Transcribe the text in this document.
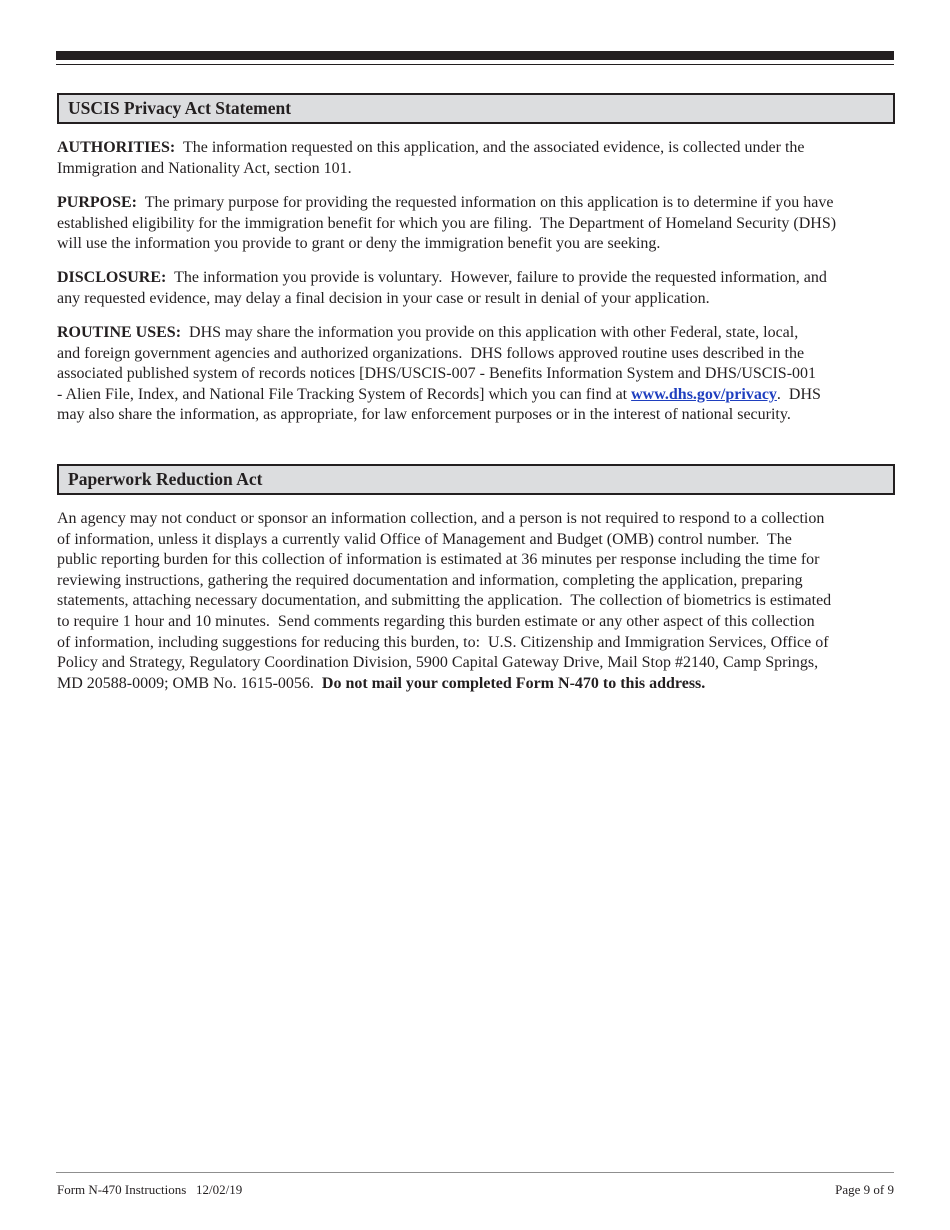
USCIS Privacy Act Statement
AUTHORITIES: The information requested on this application, and the associated evidence, is collected under the
Immigration and Nationality Act, section 101.
PURPOSE: The primary purpose for providing the requested information on this application is to determine if you have
established eligibility for the immigration benefit for which you are filing.  The Department of Homeland Security (DHS)
will use the information you provide to grant or deny the immigration benefit you are seeking.
DISCLOSURE: The information you provide is voluntary.  However, failure to provide the requested information, and
any requested evidence, may delay a final decision in your case or result in denial of your application.
ROUTINE USES: DHS may share the information you provide on this application with other Federal, state, local,
and foreign government agencies and authorized organizations.  DHS follows approved routine uses described in the
associated published system of records notices [DHS/USCIS-007 - Benefits Information System and DHS/USCIS-001
- Alien File, Index, and National File Tracking System of Records] which you can find at www.dhs.gov/privacy.  DHS
may also share the information, as appropriate, for law enforcement purposes or in the interest of national security.
Paperwork Reduction Act
An agency may not conduct or sponsor an information collection, and a person is not required to respond to a collection
of information, unless it displays a currently valid Office of Management and Budget (OMB) control number.  The
public reporting burden for this collection of information is estimated at 36 minutes per response including the time for
reviewing instructions, gathering the required documentation and information, completing the application, preparing
statements, attaching necessary documentation, and submitting the application.  The collection of biometrics is estimated
to require 1 hour and 10 minutes.  Send comments regarding this burden estimate or any other aspect of this collection
of information, including suggestions for reducing this burden, to:  U.S. Citizenship and Immigration Services, Office of
Policy and Strategy, Regulatory Coordination Division, 5900 Capital Gateway Drive, Mail Stop #2140, Camp Springs,
MD 20588-0009; OMB No. 1615-0056. Do not mail your completed Form N-470 to this address.
Form N-470 Instructions 12/02/19	Page 9 of 9
